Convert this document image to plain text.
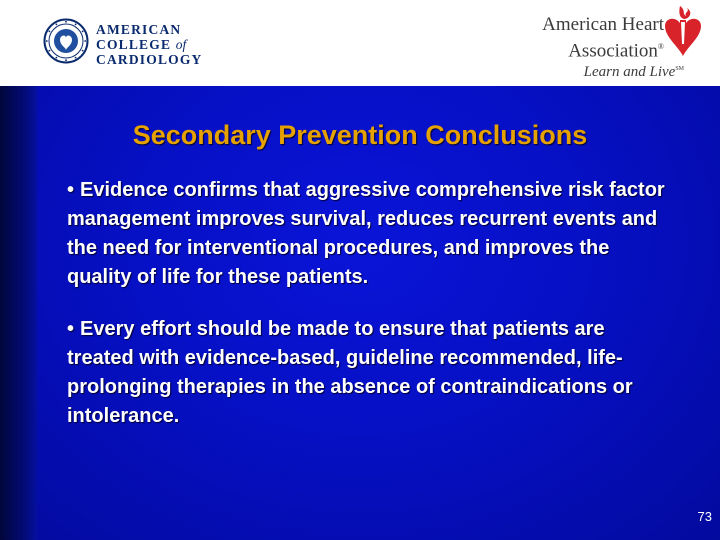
AMERICAN
COLLEGE of
CARDIOLOGY
American Heart
Association®
Learn and Live℠
Secondary Prevention Conclusions
• Evidence confirms that aggressive comprehensive risk factor management improves survival, reduces recurrent events and the need for interventional procedures, and improves the quality of life for these patients.
• Every effort should be made to ensure that patients are treated with evidence-based, guideline recommended, life-prolonging therapies in the absence of contraindications or intolerance.
73
